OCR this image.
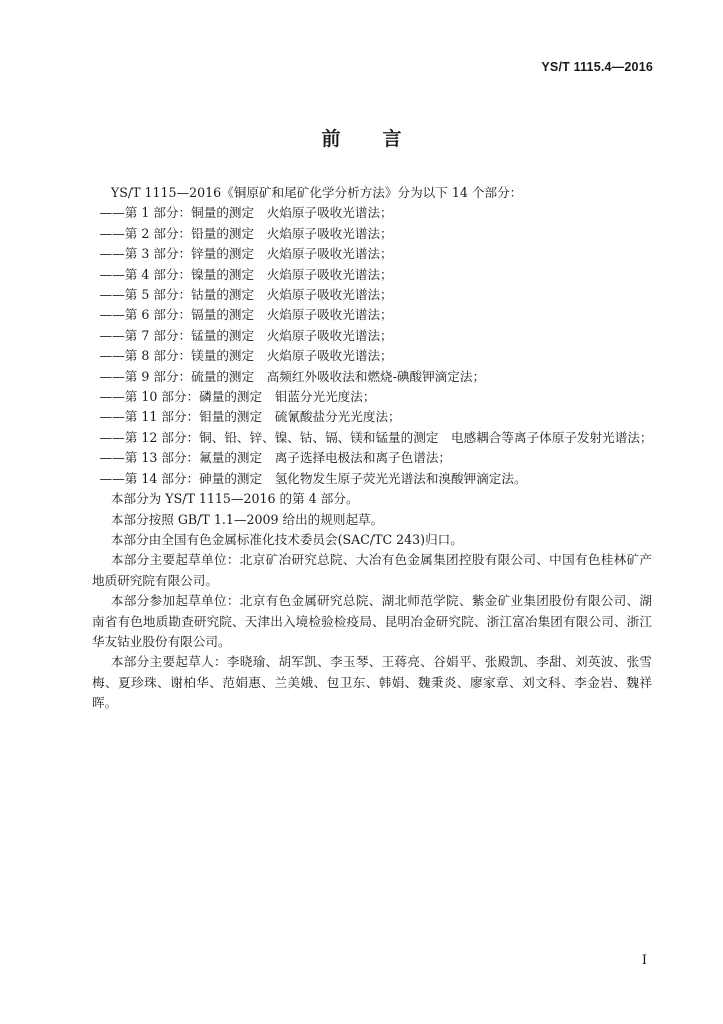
YS/T 1115.4—2016
前言

YS/T 1115—2016《铜原矿和尾矿化学分析方法》分为以下 14 个部分：

——第 1 部分：铜量的测定　火焰原子吸收光谱法；

——第 2 部分：铅量的测定　火焰原子吸收光谱法；

——第 3 部分：锌量的测定　火焰原子吸收光谱法；

——第 4 部分：镍量的测定　火焰原子吸收光谱法；

——第 5 部分：钴量的测定　火焰原子吸收光谱法；

——第 6 部分：镉量的测定　火焰原子吸收光谱法；

——第 7 部分：锰量的测定　火焰原子吸收光谱法；

——第 8 部分：镁量的测定　火焰原子吸收光谱法；

——第 9 部分：硫量的测定　高频红外吸收法和燃烧-碘酸钾滴定法；

——第 10 部分：磷量的测定　钼蓝分光光度法；

——第 11 部分：钼量的测定　硫氰酸盐分光光度法；

——第 12 部分：铜、铅、锌、镍、钴、镉、镁和锰量的测定　电感耦合等离子体原子发射光谱法；

——第 13 部分：氟量的测定　离子选择电极法和离子色谱法；

——第 14 部分：砷量的测定　氢化物发生原子荧光光谱法和溴酸钾滴定法。

本部分为 YS/T 1115—2016 的第 4 部分。

本部分按照 GB/T 1.1—2009 给出的规则起草。

本部分由全国有色金属标准化技术委员会(SAC/TC 243)归口。

本部分主要起草单位：北京矿冶研究总院、大冶有色金属集团控股有限公司、中国有色桂林矿产地质研究院有限公司。

本部分参加起草单位：北京有色金属研究总院、湖北师范学院、紫金矿业集团股份有限公司、湖南省有色地质勘查研究院、天津出入境检验检疫局、昆明冶金研究院、浙江富冶集团有限公司、浙江华友钴业股份有限公司。

本部分主要起草人：李晓瑜、胡军凯、李玉琴、王蒋亮、谷娟平、张殿凯、李甜、刘英波、张雪梅、夏珍珠、谢柏华、范娟惠、兰美娥、包卫东、韩娟、魏秉炎、廖家章、刘文科、李金岩、魏祥晖。

I
